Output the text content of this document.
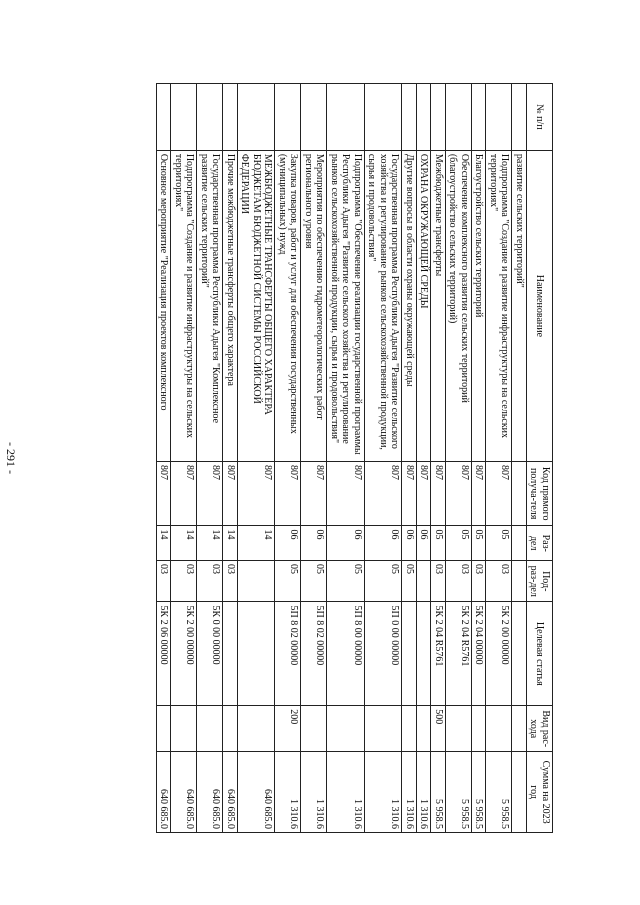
- 291 -
№ п/п	Наименование	Код прямого получа-теля	Раз-дел	Под-раз-дел	Целевая статья	Вид рас-хода	Сумма на 2023 год
	развитие сельских территорий"						
	Подпрограмма "Создание и развитие инфраструктуры на сельских территориях"	807	05	03	5К 2 00 00000		5 958.5
	Благоустройство сельских территорий	807	05	03	5К 2 04 00000		5 958.5
	Обеспечение комплексного развития сельских территорий (благоустройство сельских территорий)	807	05	03	5К 2 04 R5761		5 958.5
	Межбюджетные трансферты	807	05	03	5К 2 04 R5761	500	5 958.5
	ОХРАНА ОКРУЖАЮЩЕЙ СРЕДЫ	807	06				1 310.6
	Другие вопросы в области охраны окружающей среды	807	06	05			1 310.6
	Государственная программа Республики Адыгея "Развитие сельского хозяйства и регулирование рынков сельскохозяйственной продукции, сырья и продовольствия"	807	06	05	5П 0 00 00000		1 310.6
	Подпрограмма "Обеспечение реализации государственной программы Республики Адыгея "Развитие сельского хозяйства и регулирование рынков сельскохозяйственной продукции, сырья и продовольствия"	807	06	05	5П 8 00 00000		1 310.6
	Мероприятия по обеспечению гидрометеорологических работ регионального уровня	807	06	05	5П 8 02 00000		1 310.6
	Закупка товаров, работ и услуг для обеспечения государственных (муниципальных) нужд	807	06	05	5П 8 02 00000	200	1 310.6
	МЕЖБЮДЖЕТНЫЕ ТРАНСФЕРТЫ ОБЩЕГО ХАРАКТЕРА БЮДЖЕТАМ БЮДЖЕТНОЙ СИСТЕМЫ РОССИЙСКОЙ ФЕДЕРАЦИИ	807	14				640 685.0
	Прочие межбюджетные трансферты общего характера	807	14	03			640 685.0
	Государственная программа Республики Адыгея "Комплексное развитие сельских территорий"	807	14	03	5К 0 00 00000		640 685.0
	Подпрограмма "Создание и развитие инфраструктуры на сельских территориях"	807	14	03	5К 2 00 00000		640 685.0
	Основное мероприятие "Реализация проектов комплексного	807	14	03	5К 2 06 00000		640 685.0
